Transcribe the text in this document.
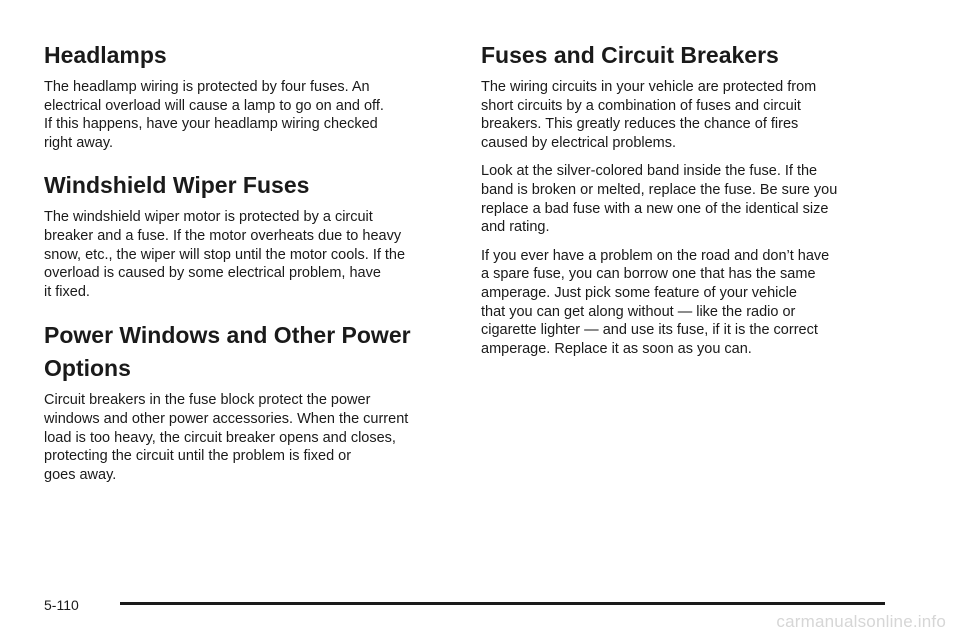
Headlamps

The headlamp wiring is protected by four fuses. An
electrical overload will cause a lamp to go on and off.
If this happens, have your headlamp wiring checked
right away.

Windshield Wiper Fuses

The windshield wiper motor is protected by a circuit
breaker and a fuse. If the motor overheats due to heavy
snow, etc., the wiper will stop until the motor cools. If the
overload is caused by some electrical problem, have
it fixed.

Power Windows and Other Power
Options

Circuit breakers in the fuse block protect the power
windows and other power accessories. When the current
load is too heavy, the circuit breaker opens and closes,
protecting the circuit until the problem is fixed or
goes away.

Fuses and Circuit Breakers

The wiring circuits in your vehicle are protected from
short circuits by a combination of fuses and circuit
breakers. This greatly reduces the chance of fires
caused by electrical problems.

Look at the silver-colored band inside the fuse. If the
band is broken or melted, replace the fuse. Be sure you
replace a bad fuse with a new one of the identical size
and rating.

If you ever have a problem on the road and don’t have
a spare fuse, you can borrow one that has the same
amperage. Just pick some feature of your vehicle
that you can get along without — like the radio or
cigarette lighter — and use its fuse, if it is the correct
amperage. Replace it as soon as you can.

5-110
carmanualsonline.info
